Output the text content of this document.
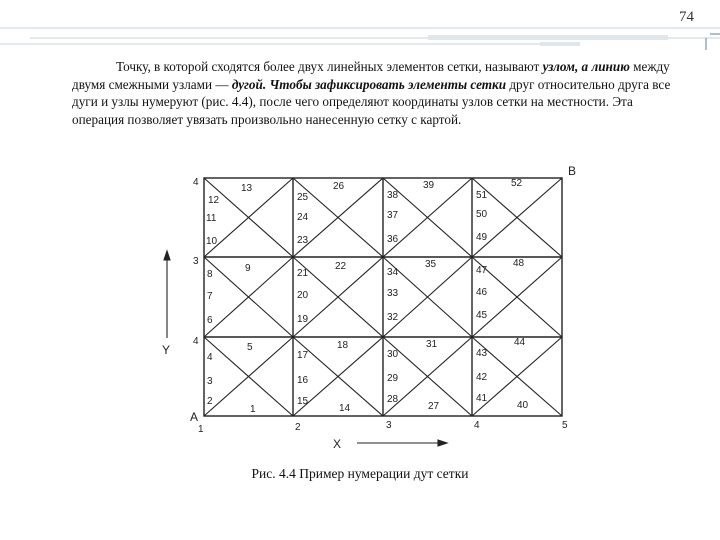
74
Точку, в которой сходятся более двух линейных элементов сетки, называют узлом, а линию между двумя смежными узлами — дугой. Чтобы зафиксировать элементы сетки друг относительно друга все дуги и узлы нумеруют (рис. 4.4), после чего определяют координаты узлов сетки на местности. Эта операция позволяет увязать произвольно нанесенную сетку с картой.
Y
X
A
B
1	2	3	4	5
4
3
4
12
11
10
8
7
6
4
3
2
25
24
23
21
20
19
17
16
15
38
37
36
34
33
32
30
29
28
51
50
49
47
46
45
43
42
41
13	26	39	52
9	22	35	48
5	18	31	44
1	14	27	40
Рис. 4.4 Пример нумерации дут сетки
